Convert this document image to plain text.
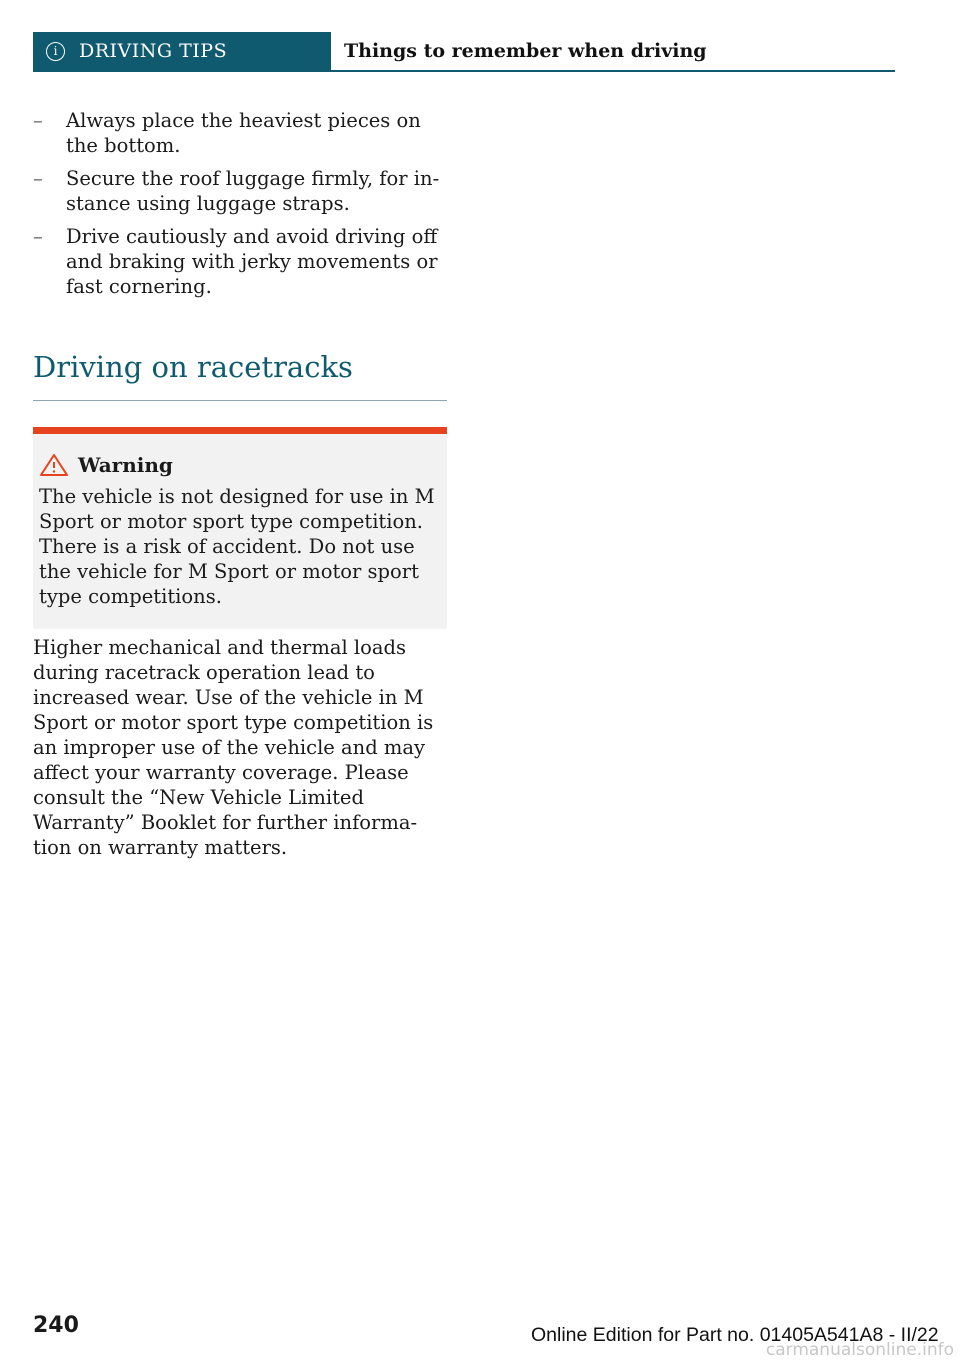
i	DRIVING TIPS	Things to remember when driving
– Always place the heaviest pieces on the bottom.
– Secure the roof luggage firmly, for instance using luggage straps.
– Drive cautiously and avoid driving off and braking with jerky movements or fast cornering.
Driving on racetracks
Warning
The vehicle is not designed for use in M Sport or motor sport type competition. There is a risk of accident. Do not use the vehicle for M Sport or motor sport type competitions.

Higher mechanical and thermal loads during racetrack operation lead to increased wear. Use of the vehicle in M Sport or motor sport type competition is an improper use of the vehicle and may affect your warranty coverage. Please consult the “New Vehicle Limited Warranty” Booklet for further information on warranty matters.

240	Online Edition for Part no. 01405A541A8 - II/22
carmanualsonline.info
